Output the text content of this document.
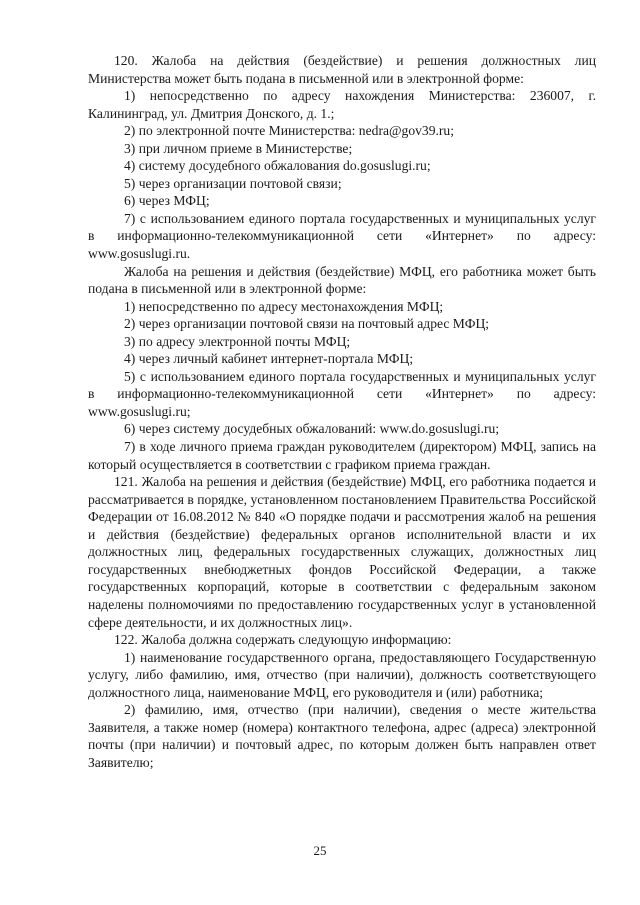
120. Жалоба на действия (бездействие) и решения должностных лиц Министерства может быть подана в письменной или в электронной форме:

1) непосредственно по адресу нахождения Министерства: 236007, г. Калининград, ул. Дмитрия Донского, д. 1.;

2) по электронной почте Министерства: nedra@gov39.ru;

3) при личном приеме в Министерстве;

4) систему досудебного обжалования do.gosuslugi.ru;

5) через организации почтовой связи;

6) через МФЦ;

7) с использованием единого портала государственных и муниципальных услуг в информационно-телекоммуникационной сети «Интернет» по адресу: www.gosuslugi.ru.

Жалоба на решения и действия (бездействие) МФЦ, его работника может быть подана в письменной или в электронной форме:

1) непосредственно по адресу местонахождения МФЦ;

2) через организации почтовой связи на почтовый адрес МФЦ;

3) по адресу электронной почты МФЦ;

4) через личный кабинет интернет-портала МФЦ;

5) с использованием единого портала государственных и муниципальных услуг в информационно-телекоммуникационной сети «Интернет» по адресу: www.gosuslugi.ru;

6) через систему досудебных обжалований: www.do.gosuslugi.ru;

7) в ходе личного приема граждан руководителем (директором) МФЦ, запись на который осуществляется в соответствии с графиком приема граждан.

121. Жалоба на решения и действия (бездействие) МФЦ, его работника подается и рассматривается в порядке, установленном постановлением Правительства Российской Федерации от 16.08.2012 № 840 «О порядке подачи и рассмотрения жалоб на решения и действия (бездействие) федеральных органов исполнительной власти и их должностных лиц, федеральных государственных служащих, должностных лиц государственных внебюджетных фондов Российской Федерации, а также государственных корпораций, которые в соответствии с федеральным законом наделены полномочиями по предоставлению государственных услуг в установленной сфере деятельности, и их должностных лиц».

122. Жалоба должна содержать следующую информацию:

1) наименование государственного органа, предоставляющего Государственную услугу, либо фамилию, имя, отчество (при наличии), должность соответствующего должностного лица, наименование МФЦ, его руководителя и (или) работника;

2) фамилию, имя, отчество (при наличии), сведения о месте жительства Заявителя, а также номер (номера) контактного телефона, адрес (адреса) электронной почты (при наличии) и почтовый адрес, по которым должен быть направлен ответ Заявителю;

25
